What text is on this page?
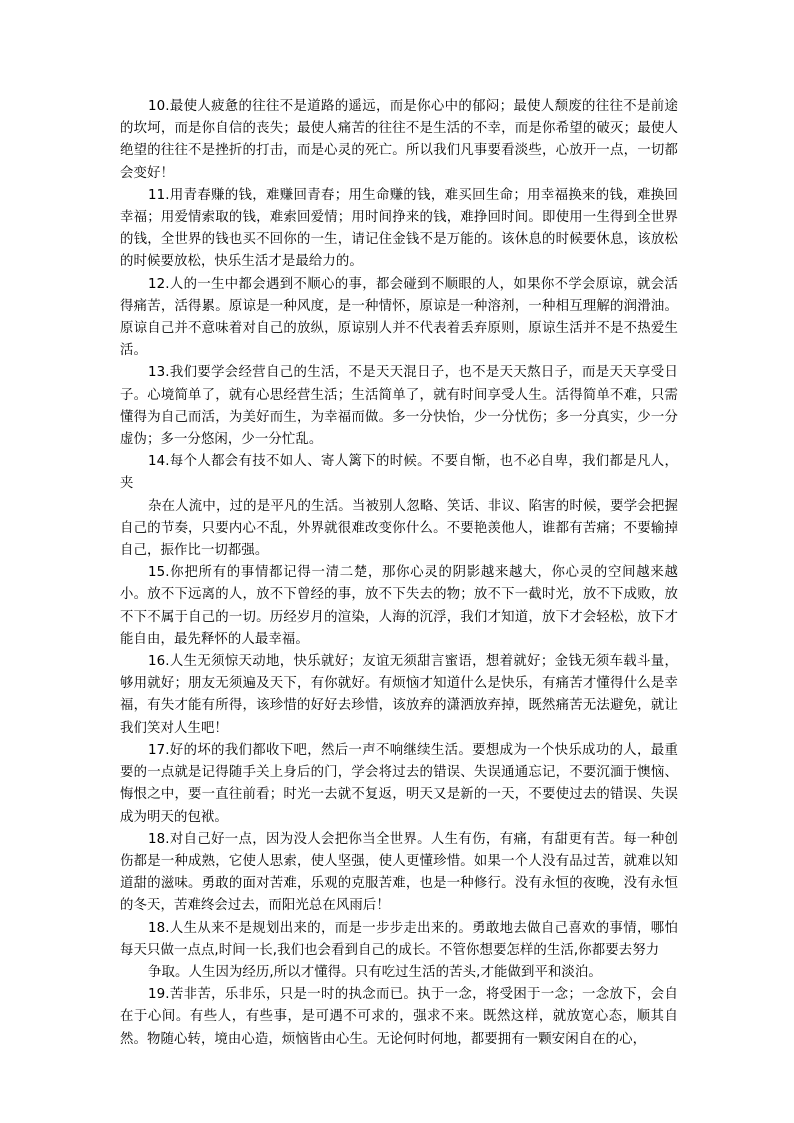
10.最使人疲惫的往往不是道路的遥远，而是你心中的郁闷；最使人颓废的往往不是前途的坎坷，而是你自信的丧失；最使人痛苦的往往不是生活的不幸，而是你希望的破灭；最使人绝望的往往不是挫折的打击，而是心灵的死亡。所以我们凡事要看淡些，心放开一点，一切都会变好！

11.用青春赚的钱，难赚回青春；用生命赚的钱，难买回生命；用幸福换来的钱，难换回幸福；用爱情索取的钱，难索回爱情；用时间挣来的钱，难挣回时间。即使用一生得到全世界的钱，全世界的钱也买不回你的一生，请记住金钱不是万能的。该休息的时候要休息，该放松的时候要放松，快乐生活才是最给力的。

12.人的一生中都会遇到不顺心的事，都会碰到不顺眼的人，如果你不学会原谅，就会活得痛苦，活得累。原谅是一种风度，是一种情怀，原谅是一种溶剂，一种相互理解的润滑油。原谅自己并不意味着对自己的放纵，原谅别人并不代表着丢弃原则，原谅生活并不是不热爱生活。

13.我们要学会经营自己的生活，不是天天混日子，也不是天天熬日子，而是天天享受日子。心境简单了，就有心思经营生活；生活简单了，就有时间享受人生。活得简单不难，只需懂得为自己而活，为美好而生，为幸福而做。多一分快怡，少一分忧伤；多一分真实，少一分虚伪；多一分悠闲，少一分忙乱。

14.每个人都会有技不如人、寄人篱下的时候。不要自惭，也不必自卑，我们都是凡人，夹

杂在人流中，过的是平凡的生活。当被别人忽略、笑话、非议、陷害的时候，要学会把握自己的节奏，只要内心不乱，外界就很难改变你什么。不要艳羡他人，谁都有苦痛；不要输掉自己，振作比一切都强。

15.你把所有的事情都记得一清二楚，那你心灵的阴影越来越大，你心灵的空间越来越小。放不下远离的人，放不下曾经的事，放不下失去的物；放不下一截时光，放不下成败，放不下不属于自己的一切。历经岁月的渲染，人海的沉浮，我们才知道，放下才会轻松，放下才能自由，最先释怀的人最幸福。

16.人生无须惊天动地，快乐就好；友谊无须甜言蜜语，想着就好；金钱无须车载斗量，够用就好；朋友无须遍及天下，有你就好。有烦恼才知道什么是快乐，有痛苦才懂得什么是幸福，有失才能有所得，该珍惜的好好去珍惜，该放弃的潇洒放弃掉，既然痛苦无法避免，就让我们笑对人生吧！

17.好的坏的我们都收下吧，然后一声不响继续生活。要想成为一个快乐成功的人，最重要的一点就是记得随手关上身后的门，学会将过去的错误、失误通通忘记，不要沉湎于懊恼、悔恨之中，要一直往前看；时光一去就不复返，明天又是新的一天，不要使过去的错误、失误成为明天的包袱。

18.对自己好一点，因为没人会把你当全世界。人生有伤，有痛，有甜更有苦。每一种创伤都是一种成熟，它使人思索，使人坚强，使人更懂珍惜。如果一个人没有品过苦，就难以知道甜的滋味。勇敢的面对苦难，乐观的克服苦难，也是一种修行。没有永恒的夜晚，没有永恒的冬天，苦难终会过去，而阳光总在风雨后！

18.人生从来不是规划出来的，而是一步步走出来的。勇敢地去做自己喜欢的事情，哪怕每天只做一点点,时间一长,我们也会看到自己的成长。不管你想要怎样的生活,你都要去努力

争取。人生因为经历,所以才懂得。只有吃过生活的苦头,才能做到平和淡泊。

19.苦非苦，乐非乐，只是一时的执念而已。执于一念，将受困于一念；一念放下，会自在于心间。有些人，有些事，是可遇不可求的，强求不来。既然这样，就放宽心态，顺其自然。物随心转，境由心造，烦恼皆由心生。无论何时何地，都要拥有一颗安闲自在的心，
